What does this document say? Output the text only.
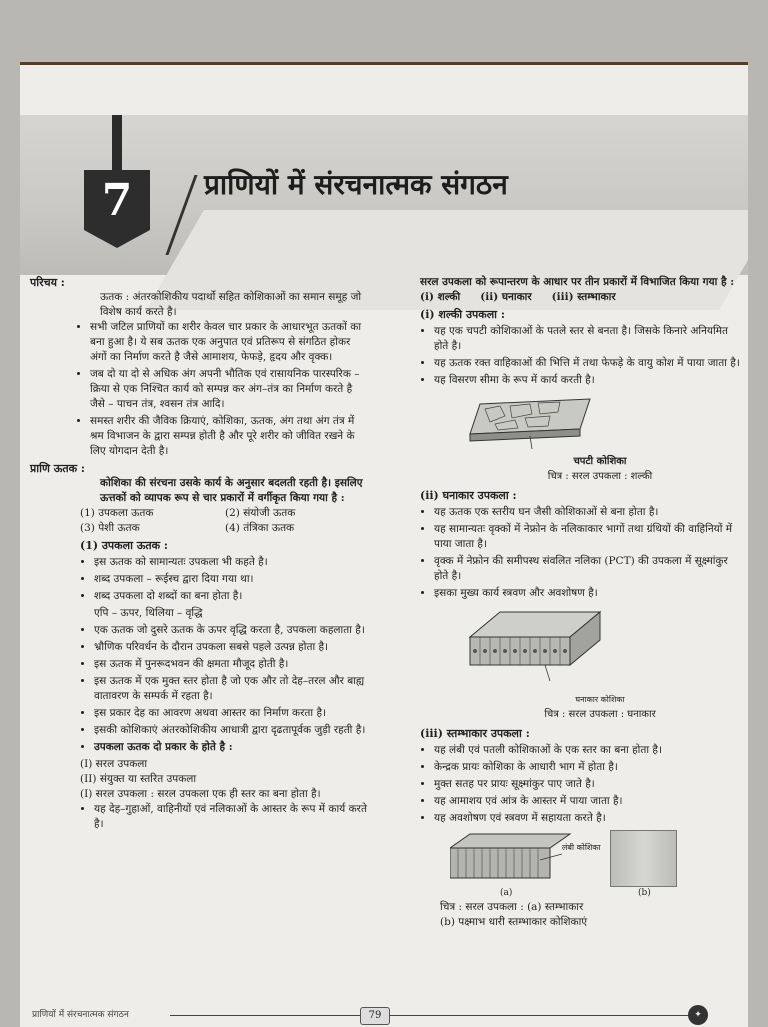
7	प्राणियों में संरचनात्मक संगठन
परिचय :
ऊतक : अंतरकोशिकीय पदार्थो सहित कोशिकाओं का समान समूह जो विशेष कार्य करते है।
• सभी जटिल प्राणियों का शरीर केवल चार प्रकार के आधारभूत ऊतकों का बना हुआ है। ये सब ऊतक एक अनुपात एवं प्रतिरूप से संगठित होकर अंगों का निर्माण करते है जैसे आमाशय, फेफड़े, हृदय और वृक्क।
• जब दो या दो से अधिक अंग अपनी भौतिक एवं रासायनिक पारस्परिक – क्रिया से एक निश्चित कार्य को सम्पन्न कर अंग–तंत्र का निर्माण करते है जैसे – पाचन तंत्र, श्वसन तंत्र आदि।
• समस्त शरीर की जैविक क्रियाएं, कोशिका, ऊतक, अंग तथा अंग तंत्र में श्रम विभाजन के द्वारा सम्पन्न होती है और पूरे शरीर को जीवित रखने के लिए योगदान देती है।
प्राणि ऊतक :
कोशिका की संरचना उसके कार्य के अनुसार बदलती रहती है। इसलिए ऊत्तकों को व्यापक रूप से चार प्रकारों में वर्गीकृत किया गया है :
(1) उपकला ऊतक	(2) संयोजी ऊतक
(3) पेशी ऊतक	(4) तंत्रिका ऊतक
(1) उपकला ऊतक :
• इस ऊतक को सामान्यतः उपकला भी कहते है।
• शब्द उपकला – रूईस्च द्वारा दिया गया था।
• शब्द उपकला दो शब्दों का बना होता है।
एपि – ऊपर, थिलिया – वृद्धि
• एक ऊतक जो दुसरे ऊतक के ऊपर वृद्धि करता है, उपकला कहलाता है।
• भ्रौणिक परिवर्धन के दौरान उपकला सबसे पहले उत्पन्न होता है।
• इस ऊतक में पुनरूदभवन की क्षमता मौजूद होती है।
• इस ऊतक में एक मुक्त स्तर होता है जो एक और तो देह–तरल और बाह्य वातावरण के सम्पर्क में रहता है।
• इस प्रकार देह का आवरण अथवा आस्तर का निर्माण करता है।
• इसकी कोशिकाएं अंतरकोशिकीय आधात्री द्वारा दृढतापूर्वक जुड़ी रहती है।
• उपकला ऊतक दो प्रकार के होते है :
(I) सरल उपकला
(II) संयुक्त या स्तरित उपकला
(I) सरल उपकला : सरल उपकला एक ही स्तर का बना होता है।
• यह देह–गुहाओं, वाहिनीयों एवं नलिकाओं के आस्तर के रूप में कार्य करते है।
सरल उपकला को रूपान्तरण के आधार पर तीन प्रकारों में विभाजित किया गया है :
(i) शल्की (ii) घनाकार (iii) स्तम्भाकार
(i) शल्की उपकला :
• यह एक चपटी कोशिकाओं के पतले स्तर से बनता है। जिसके किनारे अनियमित होते है।
• यह ऊतक रक्त वाहिकाओं की भित्ति में तथा फेफड़े के वायु कोश में पाया जाता है।
• यह विसरण सीमा के रूप में कार्य करती है।
चपटी कोशिका
चित्र : सरल उपकला : शल्की
(ii) घनाकार उपकला :
• यह ऊतक एक स्तरीय घन जैसी कोशिकाओं से बना होता है।
• यह सामान्यतः वृक्कों में नेफ्रोन के नलिकाकार भागों तथा ग्रंथियों की वाहिनियों में पाया जाता है।
• वृक्क में नेफ्रोन की समीपस्थ संवलित नलिका (PCT) की उपकला में सूक्ष्मांकुर होते है।
• इसका मुख्य कार्य स्त्रवण और अवशोषण है।
घनाकार कोशिका
चित्र : सरल उपकला : घनाकार
(iii) स्तम्भाकार उपकला :
• यह लंबी एवं पतली कोशिकाओं के एक स्तर का बना होता है।
• केन्द्रक प्रायः कोशिका के आधारी भाग में होता है।
• मुक्त सतह पर प्रायः सूक्ष्मांकुर पाए जाते है।
• यह आमाशय एवं आंत्र के आस्तर में पाया जाता है।
• यह अवशोषण एवं स्त्रवण में सहायता करते है।
लंबी कोशिका
(a)	(b)
चित्र : सरल उपकला : (a) स्तम्भाकार
(b) पक्ष्माभ धारी स्तम्भाकार कोशिकाएं
प्राणियों में संरचनात्मक संगठन	79	✦
